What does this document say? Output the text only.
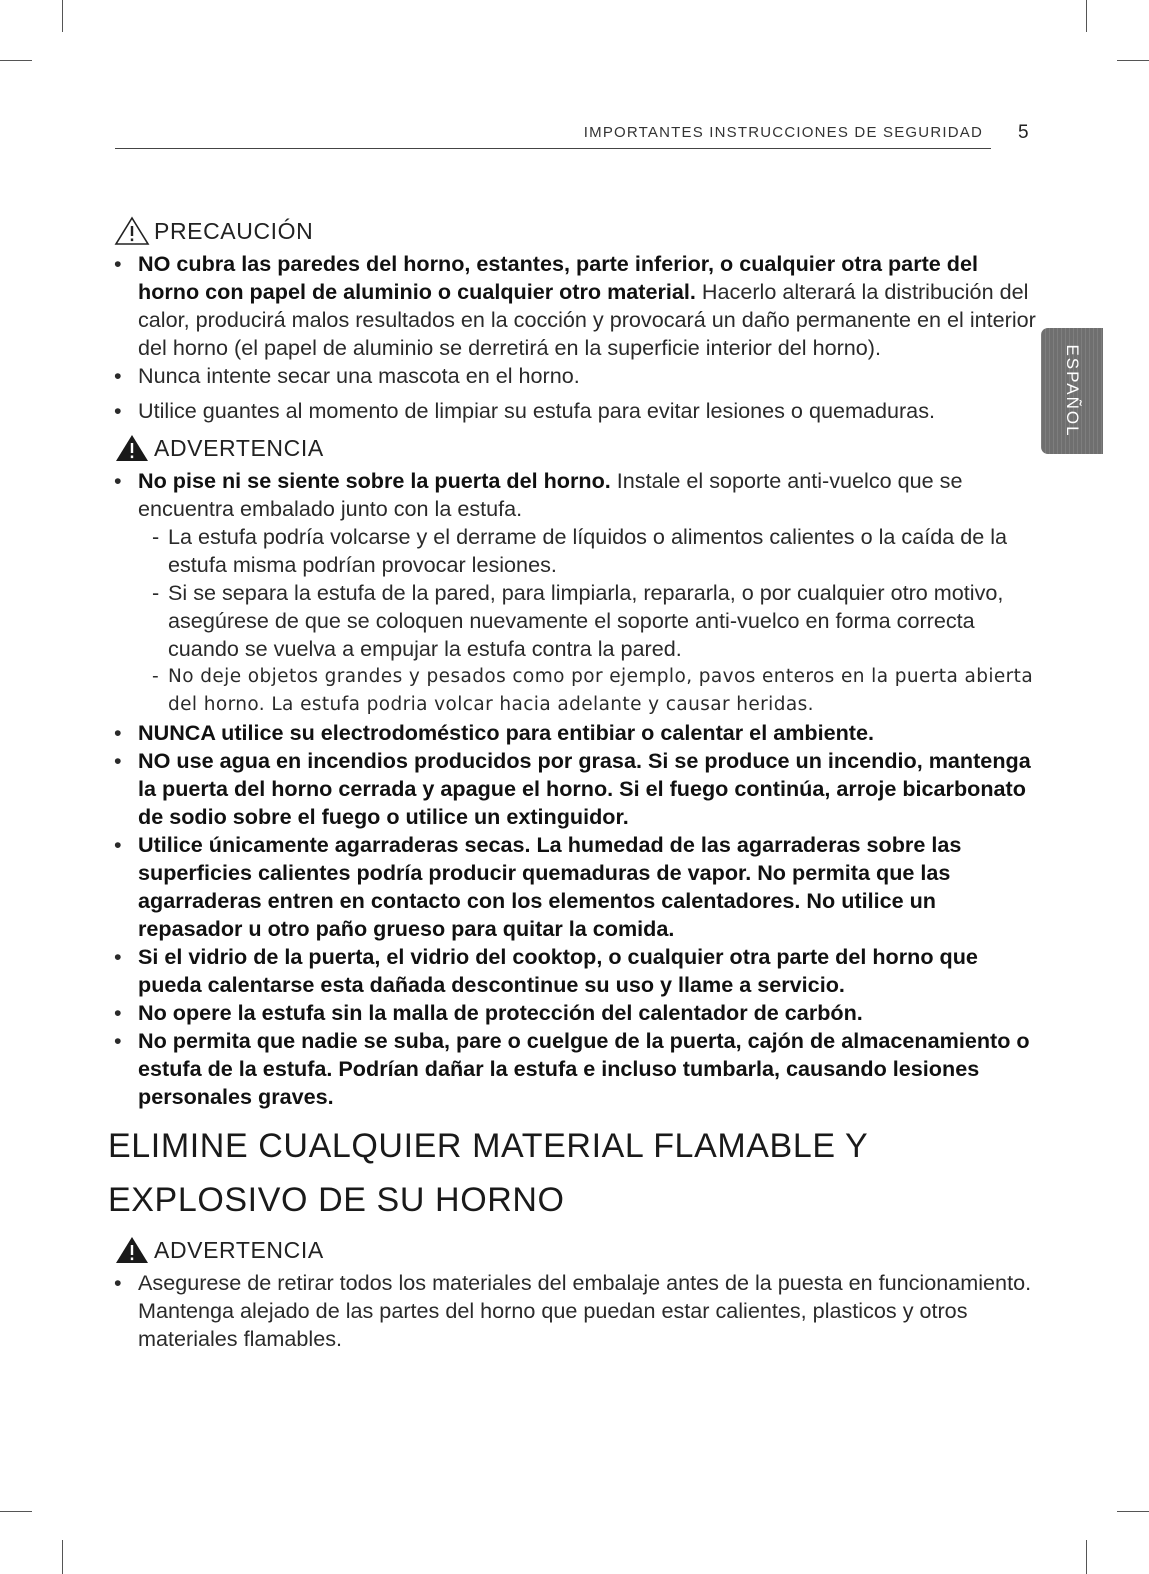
IMPORTANTES INSTRUCCIONES DE SEGURIDAD 5
ESPAÑOL
PRECAUCIÓN
• NO cubra las paredes del horno, estantes, parte inferior, o cualquier otra parte del horno con papel de aluminio o cualquier otro material. Hacerlo alterará la distribución del calor, producirá malos resultados en la cocción y provocará un daño permanente en el interior del horno (el papel de aluminio se derretirá en la superficie interior del horno).
• Nunca intente secar una mascota en el horno.
• Utilice guantes al momento de limpiar su estufa para evitar lesiones o quemaduras.
ADVERTENCIA
• No pise ni se siente sobre la puerta del horno. Instale el soporte anti-vuelco que se encuentra embalado junto con la estufa.
- La estufa podría volcarse y el derrame de líquidos o alimentos calientes o la caída de la estufa misma podrían provocar lesiones.
- Si se separa la estufa de la pared, para limpiarla, repararla, o por cualquier otro motivo, asegúrese de que se coloquen nuevamente el soporte anti-vuelco en forma correcta cuando se vuelva a empujar la estufa contra la pared.
- No deje objetos grandes y pesados como por ejemplo, pavos enteros en la puerta abierta del horno. La estufa podria volcar hacia adelante y causar heridas.
• NUNCA utilice su electrodoméstico para entibiar o calentar el ambiente.
• NO use agua en incendios producidos por grasa. Si se produce un incendio, mantenga la puerta del horno cerrada y apague el horno. Si el fuego continúa, arroje bicarbonato de sodio sobre el fuego o utilice un extinguidor.
• Utilice únicamente agarraderas secas. La humedad de las agarraderas sobre las superficies calientes podría producir quemaduras de vapor. No permita que las agarraderas entren en contacto con los elementos calentadores. No utilice un repasador u otro paño grueso para quitar la comida.
• Si el vidrio de la puerta, el vidrio del cooktop, o cualquier otra parte del horno que pueda calentarse esta dañada descontinue su uso y llame a servicio.
• No opere la estufa sin la malla de protección del calentador de carbón.
• No permita que nadie se suba, pare o cuelgue de la puerta, cajón de almacenamiento o estufa de la estufa. Podrían dañar la estufa e incluso tumbarla, causando lesiones personales graves.
ELIMINE CUALQUIER MATERIAL FLAMABLE Y
EXPLOSIVO DE SU HORNO
ADVERTENCIA
• Asegurese de retirar todos los materiales del embalaje antes de la puesta en funcionamiento. Mantenga alejado de las partes del horno que puedan estar calientes, plasticos y otros materiales flamables.
